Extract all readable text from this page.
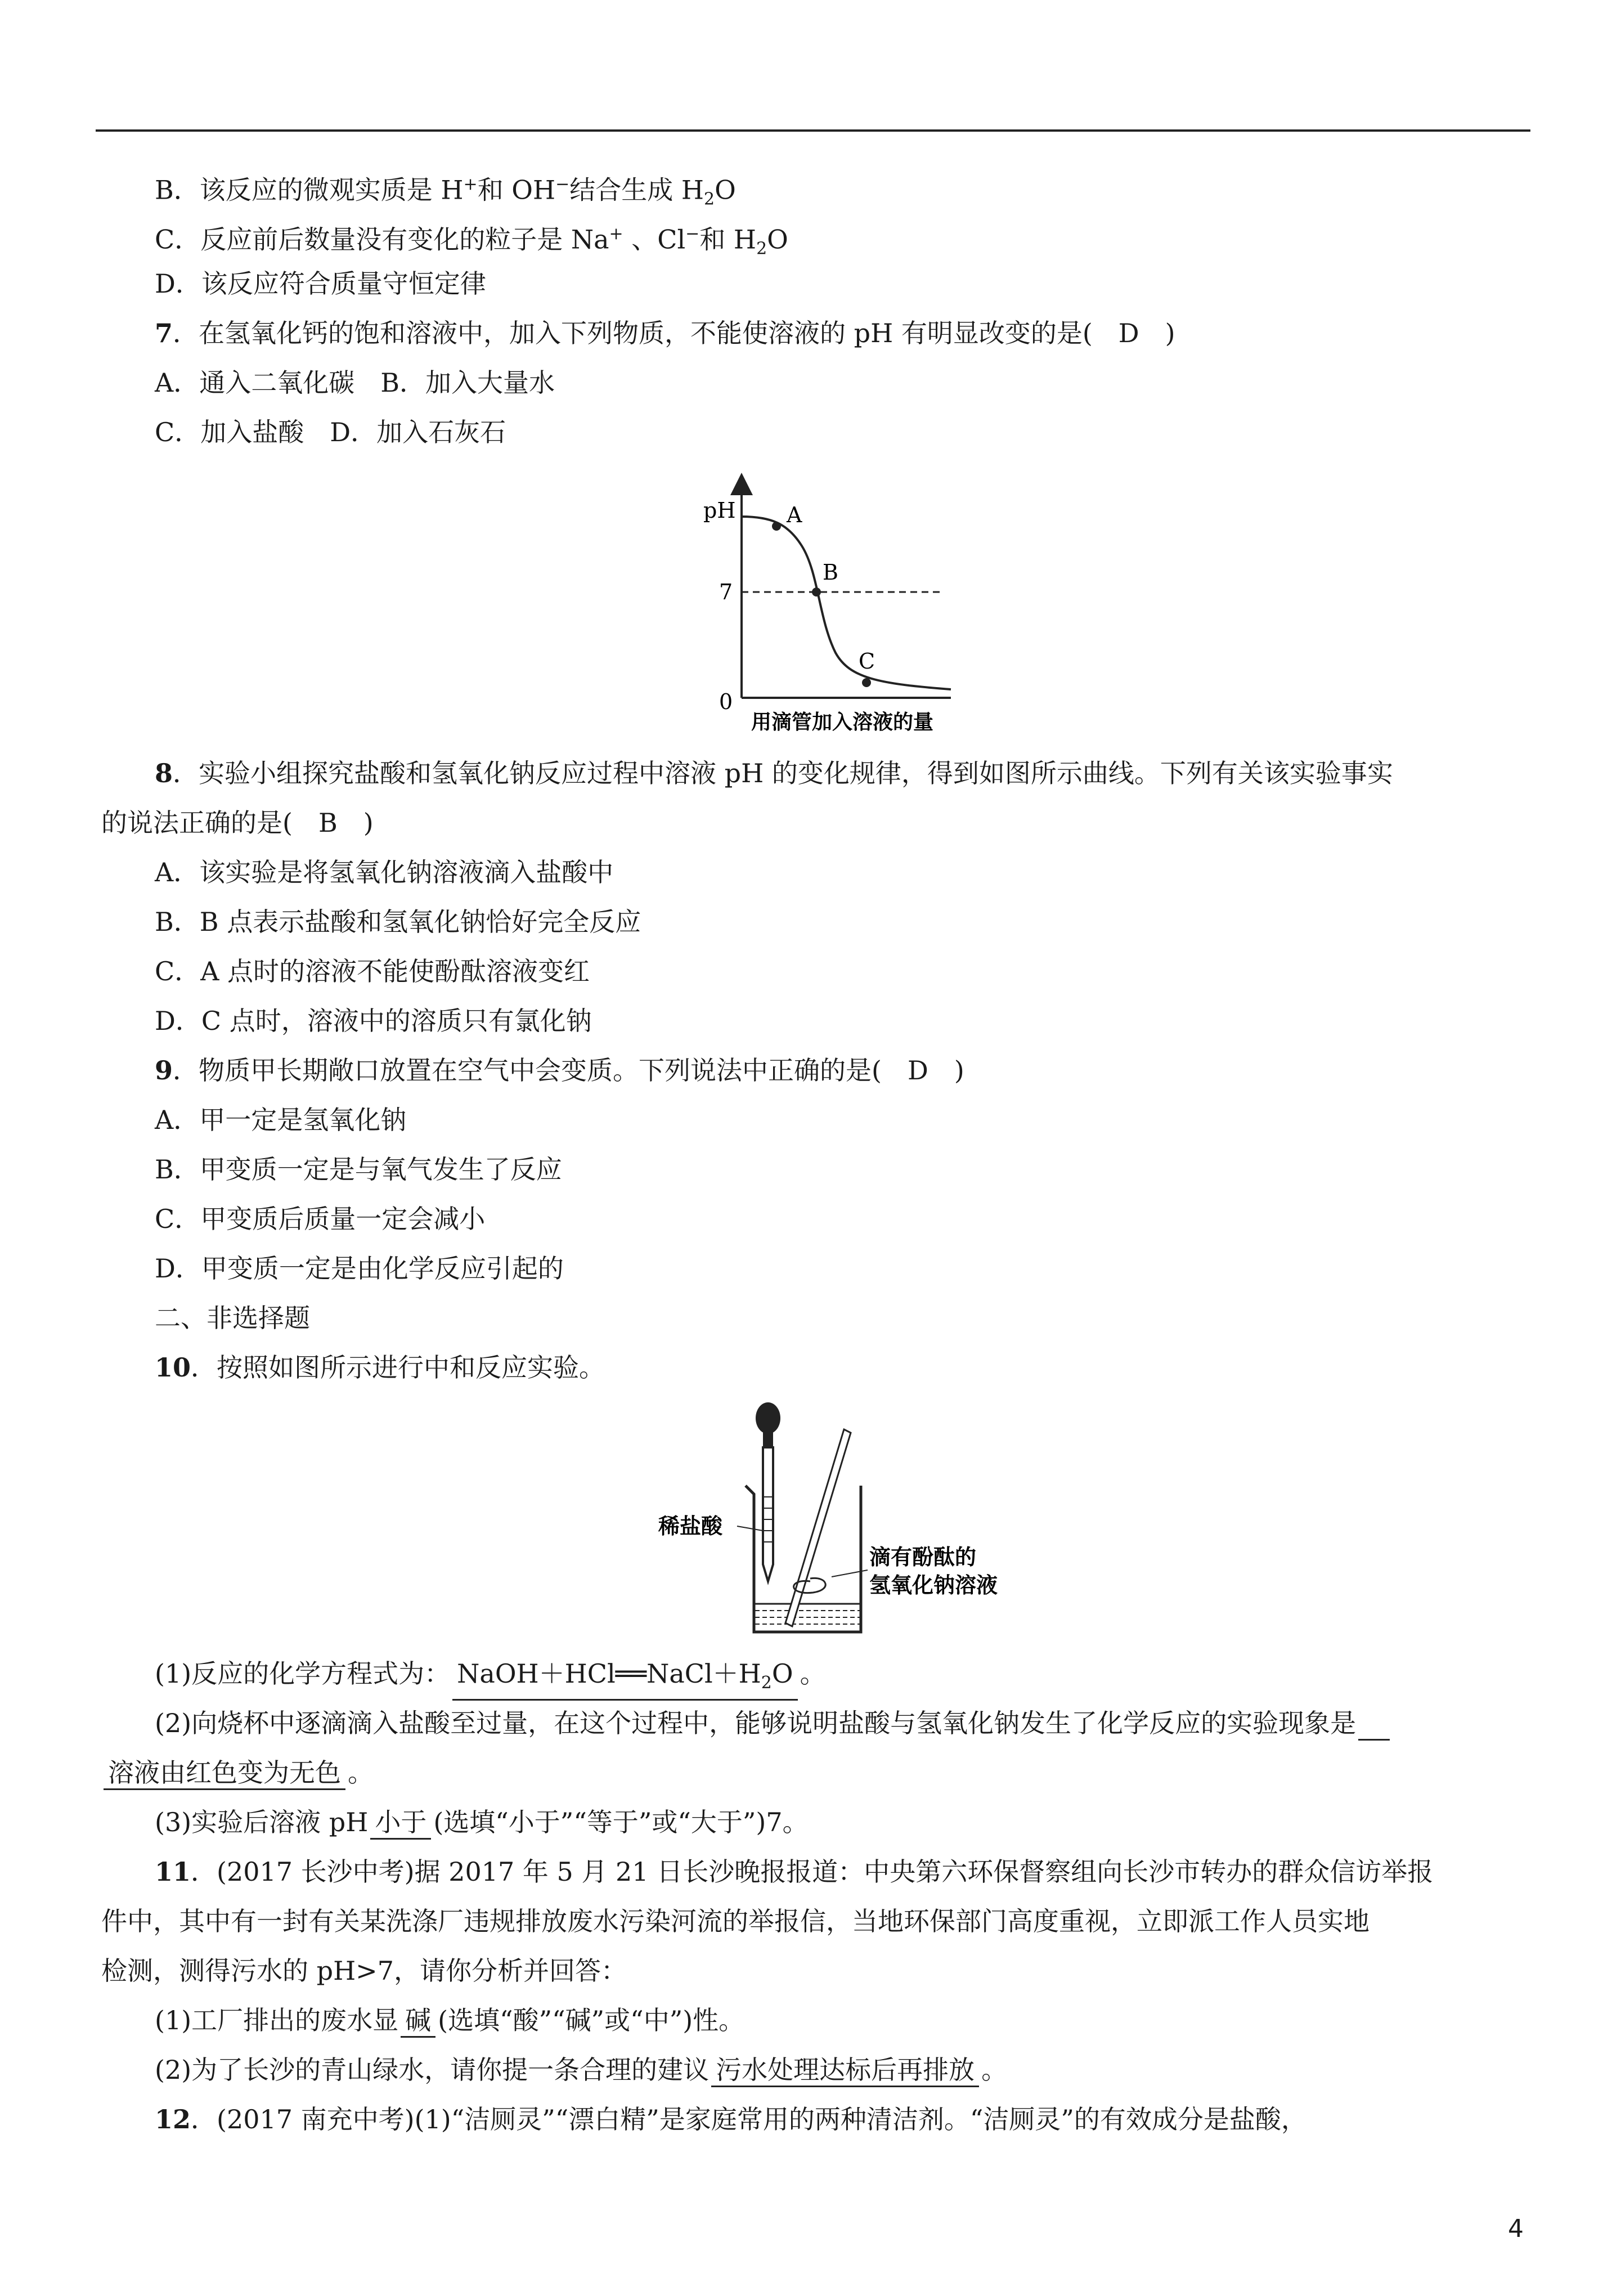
B．该反应的微观实质是 H+和 OH−结合生成 $H_2O$
C．反应前后数量没有变化的粒子是 Na+ 、Cl−和 $H_2O$
D．该反应符合质量守恒定律
7．在氢氧化钙的饱和溶液中，加入下列物质，不能使溶液的 pH 有明显改变的是(　D　)
A．通入二氧化碳　B．加入大量水
C．加入盐酸　D．加入石灰石
pH
7
0
A
B
C
用滴管加入溶液的量
8．实验小组探究盐酸和氢氧化钠反应过程中溶液 pH 的变化规律，得到如图所示曲线。下列有关该实验事实
的说法正确的是(　B　)
A．该实验是将氢氧化钠溶液滴入盐酸中
B．B 点表示盐酸和氢氧化钠恰好完全反应
C．A 点时的溶液不能使酚酞溶液变红
D．C 点时，溶液中的溶质只有氯化钠
9．物质甲长期敞口放置在空气中会变质。下列说法中正确的是(　D　)
A．甲一定是氢氧化钠
B．甲变质一定是与氧气发生了反应
C．甲变质后质量一定会减小
D．甲变质一定是由化学反应引起的
二、非选择题
10．按照如图所示进行中和反应实验。
稀盐酸
滴有酚酞的
氢氧化钠溶液
(1)反应的化学方程式为： $NaOH+HCl══NaCl+H_2O$ 。
(2)向烧杯中逐滴滴入盐酸至过量，在这个过程中，能够说明盐酸与氢氧化钠发生了化学反应的实验现象是
溶液由红色变为无色 。
(3)实验后溶液 pH 小于 (选填“小于”“等于”或“大于”)7。
11．(2017 长沙中考)据 2017 年 5 月 21 日长沙晚报报道：中央第六环保督察组向长沙市转办的群众信访举报
件中，其中有一封有关某洗涤厂违规排放废水污染河流的举报信，当地环保部门高度重视，立即派工作人员实地
检测，测得污水的 pH>7，请你分析并回答：
(1)工厂排出的废水显 碱 (选填“酸”“碱”或“中”)性。
(2)为了长沙的青山绿水，请你提一条合理的建议 污水处理达标后再排放 。
12．(2017 南充中考)(1)“洁厕灵”“漂白精”是家庭常用的两种清洁剂。“洁厕灵”的有效成分是盐酸，
4
